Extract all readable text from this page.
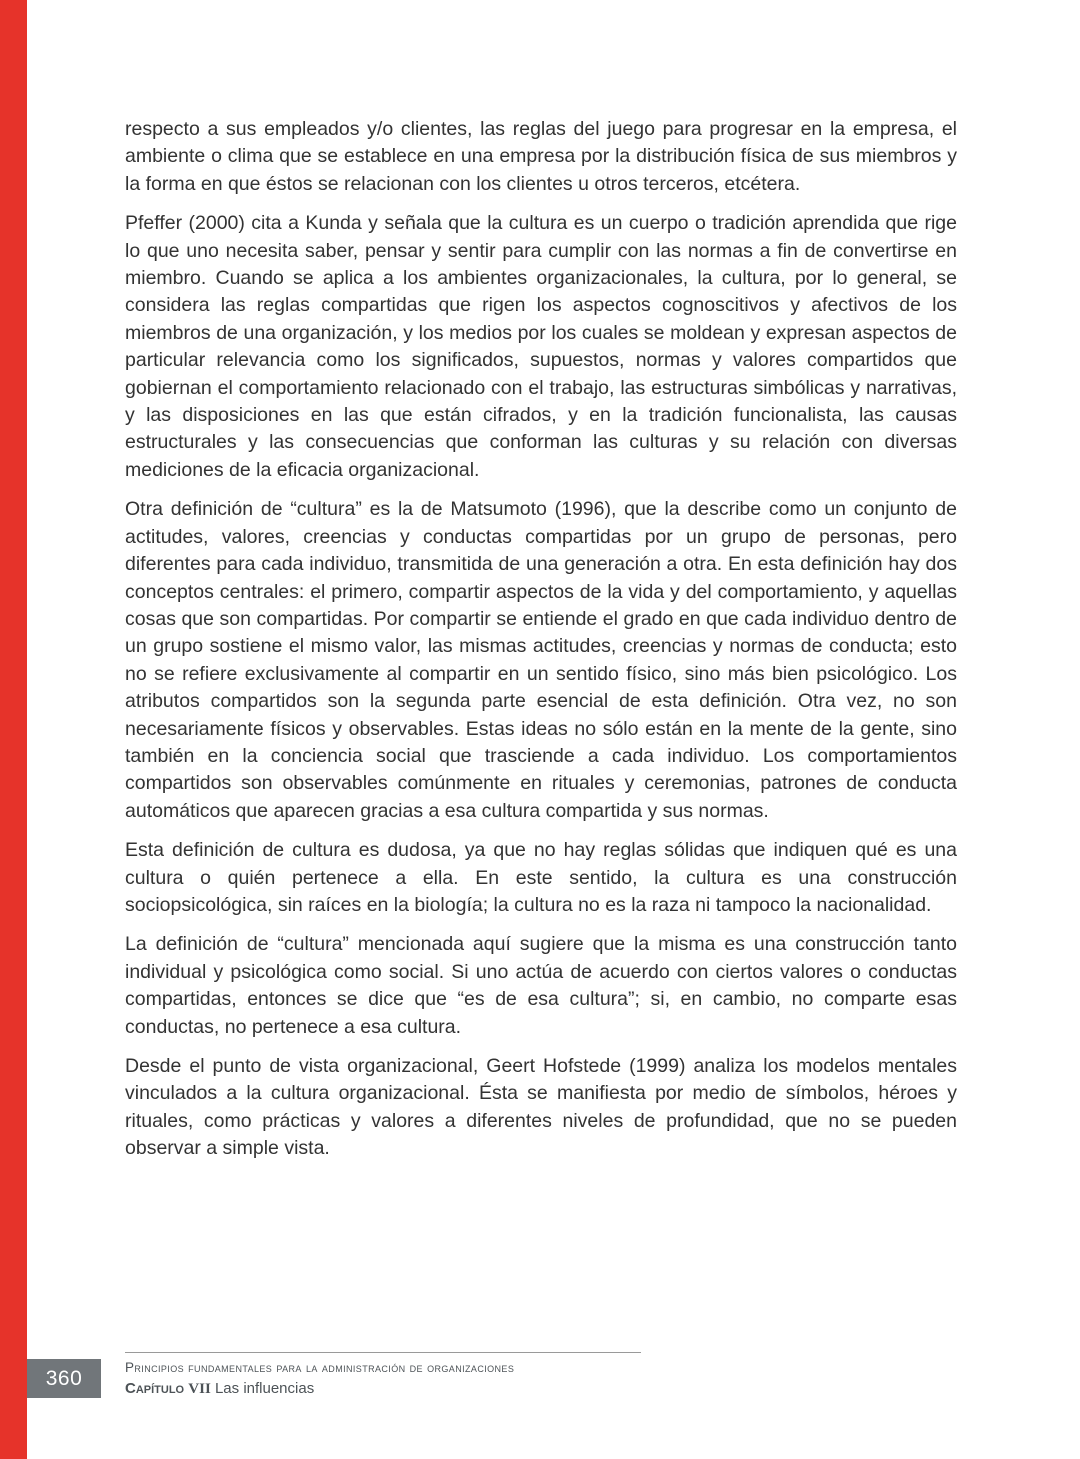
respecto a sus empleados y/o clientes, las reglas del juego para progresar en la empresa, el ambiente o clima que se establece en una empresa por la distribución física de sus miembros y la forma en que éstos se relacionan con los clientes u otros terceros, etcétera.

Pfeffer (2000) cita a Kunda y señala que la cultura es un cuerpo o tradición aprendida que rige lo que uno necesita saber, pensar y sentir para cumplir con las normas a fin de convertirse en miembro. Cuando se aplica a los ambientes organizacionales, la cultura, por lo general, se considera las reglas compartidas que rigen los aspectos cognoscitivos y afectivos de los miembros de una organización, y los medios por los cuales se moldean y expresan aspectos de particular relevancia como los significados, supuestos, normas y valores compartidos que gobiernan el comportamiento relacionado con el trabajo, las estructuras simbólicas y narrativas, y las disposiciones en las que están cifrados, y en la tradición funcionalista, las causas estructurales y las consecuencias que conforman las culturas y su relación con diversas mediciones de la eficacia organizacional.

Otra definición de “cultura” es la de Matsumoto (1996), que la describe como un conjunto de actitudes, valores, creencias y conductas compartidas por un grupo de personas, pero diferentes para cada individuo, transmitida de una generación a otra. En esta definición hay dos conceptos centrales: el primero, compartir aspectos de la vida y del comportamiento, y aquellas cosas que son compartidas. Por compartir se entiende el grado en que cada individuo dentro de un grupo sostiene el mismo valor, las mismas actitudes, creencias y normas de conducta; esto no se refiere exclusivamente al compartir en un sentido físico, sino más bien psicológico. Los atributos compartidos son la segunda parte esencial de esta definición. Otra vez, no son necesariamente físicos y observables. Estas ideas no sólo están en la mente de la gente, sino también en la conciencia social que trasciende a cada individuo. Los comportamientos compartidos son observables comúnmente en rituales y ceremonias, patrones de conducta automáticos que aparecen gracias a esa cultura compartida y sus normas.

Esta definición de cultura es dudosa, ya que no hay reglas sólidas que indiquen qué es una cultura o quién pertenece a ella. En este sentido, la cultura es una construcción sociopsicológica, sin raíces en la biología; la cultura no es la raza ni tampoco la nacionalidad.

La definición de “cultura” mencionada aquí sugiere que la misma es una construcción tanto individual y psicológica como social. Si uno actúa de acuerdo con ciertos valores o conductas compartidas, entonces se dice que “es de esa cultura”; si, en cambio, no comparte esas conductas, no pertenece a esa cultura.

Desde el punto de vista organizacional, Geert Hofstede (1999) analiza los modelos mentales vinculados a la cultura organizacional. Ésta se manifiesta por medio de símbolos, héroes y rituales, como prácticas y valores a diferentes niveles de profundidad, que no se pueden observar a simple vista.

360	Principios fundamentales para la administración de organizaciones
Capítulo VII Las influencias
